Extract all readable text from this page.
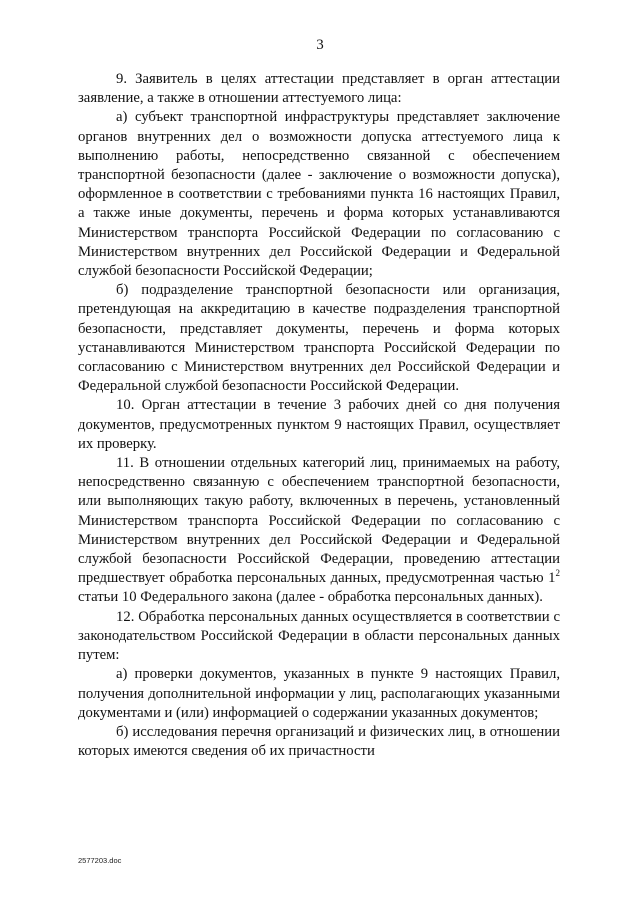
3

9. Заявитель в целях аттестации представляет в орган аттестации заявление, а также в отношении аттестуемого лица:

а) субъект транспортной инфраструктуры представляет заключение органов внутренних дел о возможности допуска аттестуемого лица к выполнению работы, непосредственно связанной с обеспечением транспортной безопасности (далее - заключение о возможности допуска), оформленное в соответствии с требованиями пункта 16 настоящих Правил, а также иные документы, перечень и форма которых устанавливаются Министерством транспорта Российской Федерации по согласованию с Министерством внутренних дел Российской Федерации и Федеральной службой безопасности Российской Федерации;

б) подразделение транспортной безопасности или организация, претендующая на аккредитацию в качестве подразделения транспортной безопасности, представляет документы, перечень и форма которых устанавливаются Министерством транспорта Российской Федерации по согласованию с Министерством внутренних дел Российской Федерации и Федеральной службой безопасности Российской Федерации.

10. Орган аттестации в течение 3 рабочих дней со дня получения документов, предусмотренных пунктом 9 настоящих Правил, осуществляет их проверку.

11. В отношении отдельных категорий лиц, принимаемых на работу, непосредственно связанную с обеспечением транспортной безопасности, или выполняющих такую работу, включенных в перечень, установленный Министерством транспорта Российской Федерации по согласованию с Министерством внутренних дел Российской Федерации и Федеральной службой безопасности Российской Федерации, проведению аттестации предшествует обработка персональных данных, предусмотренная частью $1^2$ статьи 10 Федерального закона (далее - обработка персональных данных).

12. Обработка персональных данных осуществляется в соответствии с законодательством Российской Федерации в области персональных данных путем:

а) проверки документов, указанных в пункте 9 настоящих Правил, получения дополнительной информации у лиц, располагающих указанными документами и (или) информацией о содержании указанных документов;

б) исследования перечня организаций и физических лиц, в отношении которых имеются сведения об их причастности

2577203.doc
